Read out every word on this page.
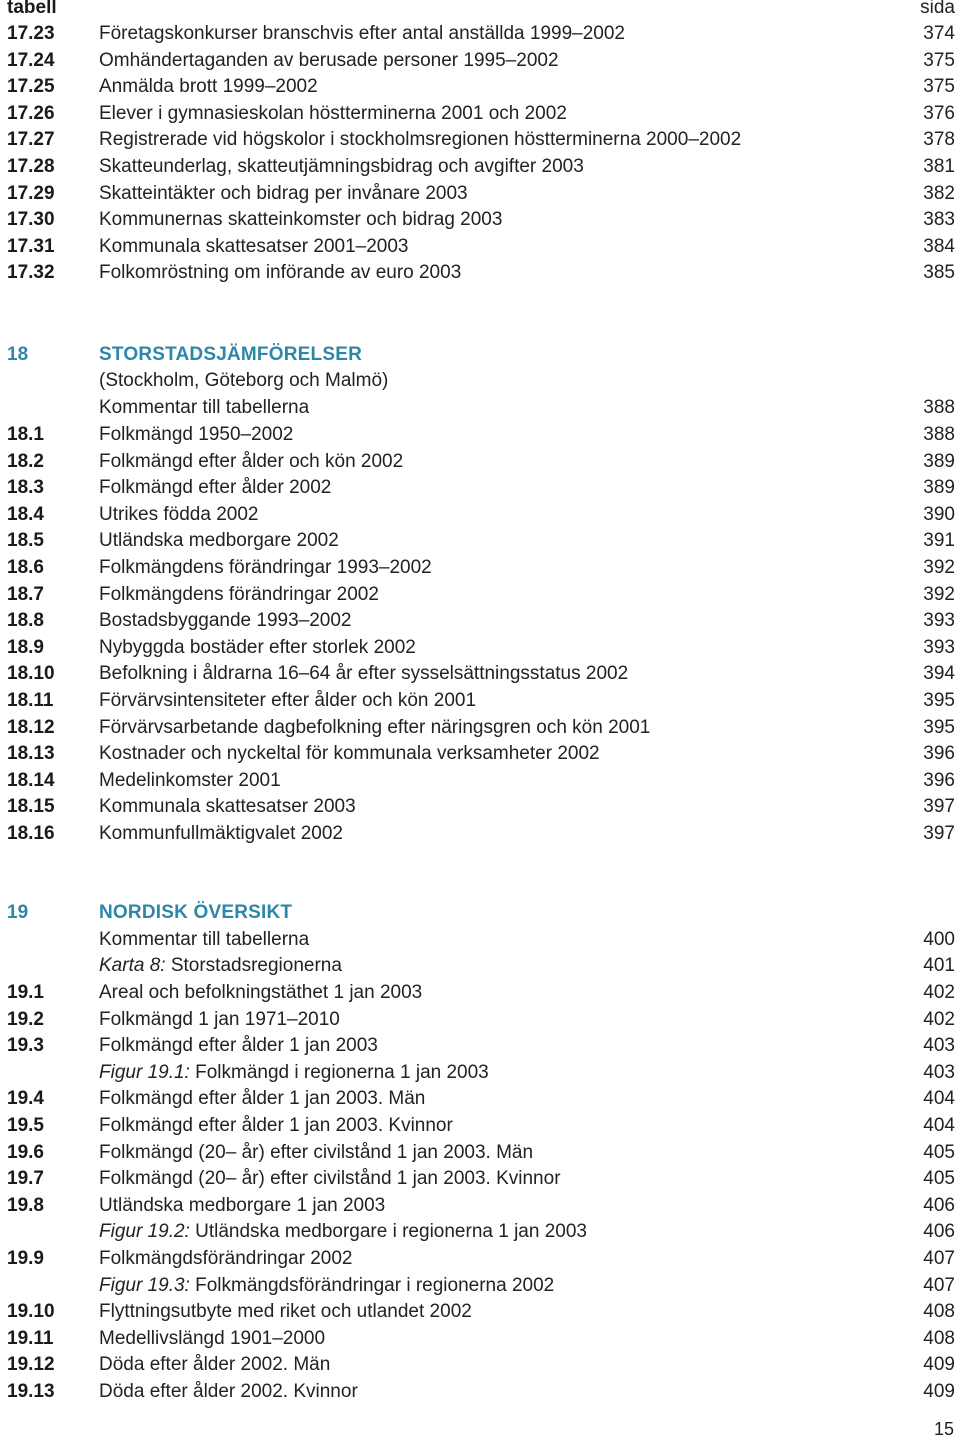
tabell	sida
17.23 Företagskonkurser branschvis efter antal anställda 1999–2002	374
17.24 Omhändertaganden av berusade personer 1995–2002	375
17.25 Anmälda brott 1999–2002	375
17.26 Elever i gymnasieskolan höstterminerna 2001 och 2002	376
17.27 Registrerade vid högskolor i stockholmsregionen höstterminerna 2000–2002	378
17.28 Skatteunderlag, skatteutjämningsbidrag och avgifter 2003	381
17.29 Skatteintäkter och bidrag per invånare 2003	382
17.30 Kommunernas skatteinkomster och bidrag 2003	383
17.31 Kommunala skattesatser 2001–2003	384
17.32 Folkomröstning om införande av euro 2003	385
18	STORSTADSJÄMFÖRELSER
(Stockholm, Göteborg och Malmö)
Kommentar till tabellerna	388
18.1	Folkmängd 1950–2002	388
18.2	Folkmängd efter ålder och kön 2002	389
18.3	Folkmängd efter ålder 2002	389
18.4	Utrikes födda 2002	390
18.5	Utländska medborgare 2002	391
18.6	Folkmängdens förändringar 1993–2002	392
18.7	Folkmängdens förändringar 2002	392
18.8	Bostadsbyggande 1993–2002	393
18.9	Nybyggda bostäder efter storlek 2002	393
18.10 Befolkning i åldrarna 16–64 år efter sysselsättningsstatus 2002	394
18.11 Förvärvsintensiteter efter ålder och kön 2001	395
18.12 Förvärvsarbetande dagbefolkning efter näringsgren och kön 2001	395
18.13 Kostnader och nyckeltal för kommunala verksamheter 2002	396
18.14 Medelinkomster 2001	396
18.15 Kommunala skattesatser 2003	397
18.16 Kommunfullmäktigvalet 2002	397
19	NORDISK ÖVERSIKT
Kommentar till tabellerna	400
Karta 8: Storstadsregionerna	401
19.1	Areal och befolkningstäthet 1 jan 2003	402
19.2	Folkmängd 1 jan 1971–2010	402
19.3	Folkmängd efter ålder 1 jan 2003	403
Figur 19.1: Folkmängd i regionerna 1 jan 2003	403
19.4	Folkmängd efter ålder 1 jan 2003. Män	404
19.5	Folkmängd efter ålder 1 jan 2003. Kvinnor	404
19.6	Folkmängd (20– år) efter civilstånd 1 jan 2003. Män	405
19.7	Folkmängd (20– år) efter civilstånd 1 jan 2003. Kvinnor	405
19.8	Utländska medborgare 1 jan 2003	406
Figur 19.2: Utländska medborgare i regionerna 1 jan 2003	406
19.9	Folkmängdsförändringar 2002	407
Figur 19.3: Folkmängdsförändringar i regionerna 2002	407
19.10 Flyttningsutbyte med riket och utlandet 2002	408
19.11 Medellivslängd 1901–2000	408
19.12 Döda efter ålder 2002. Män	409
19.13 Döda efter ålder 2002. Kvinnor	409
15
